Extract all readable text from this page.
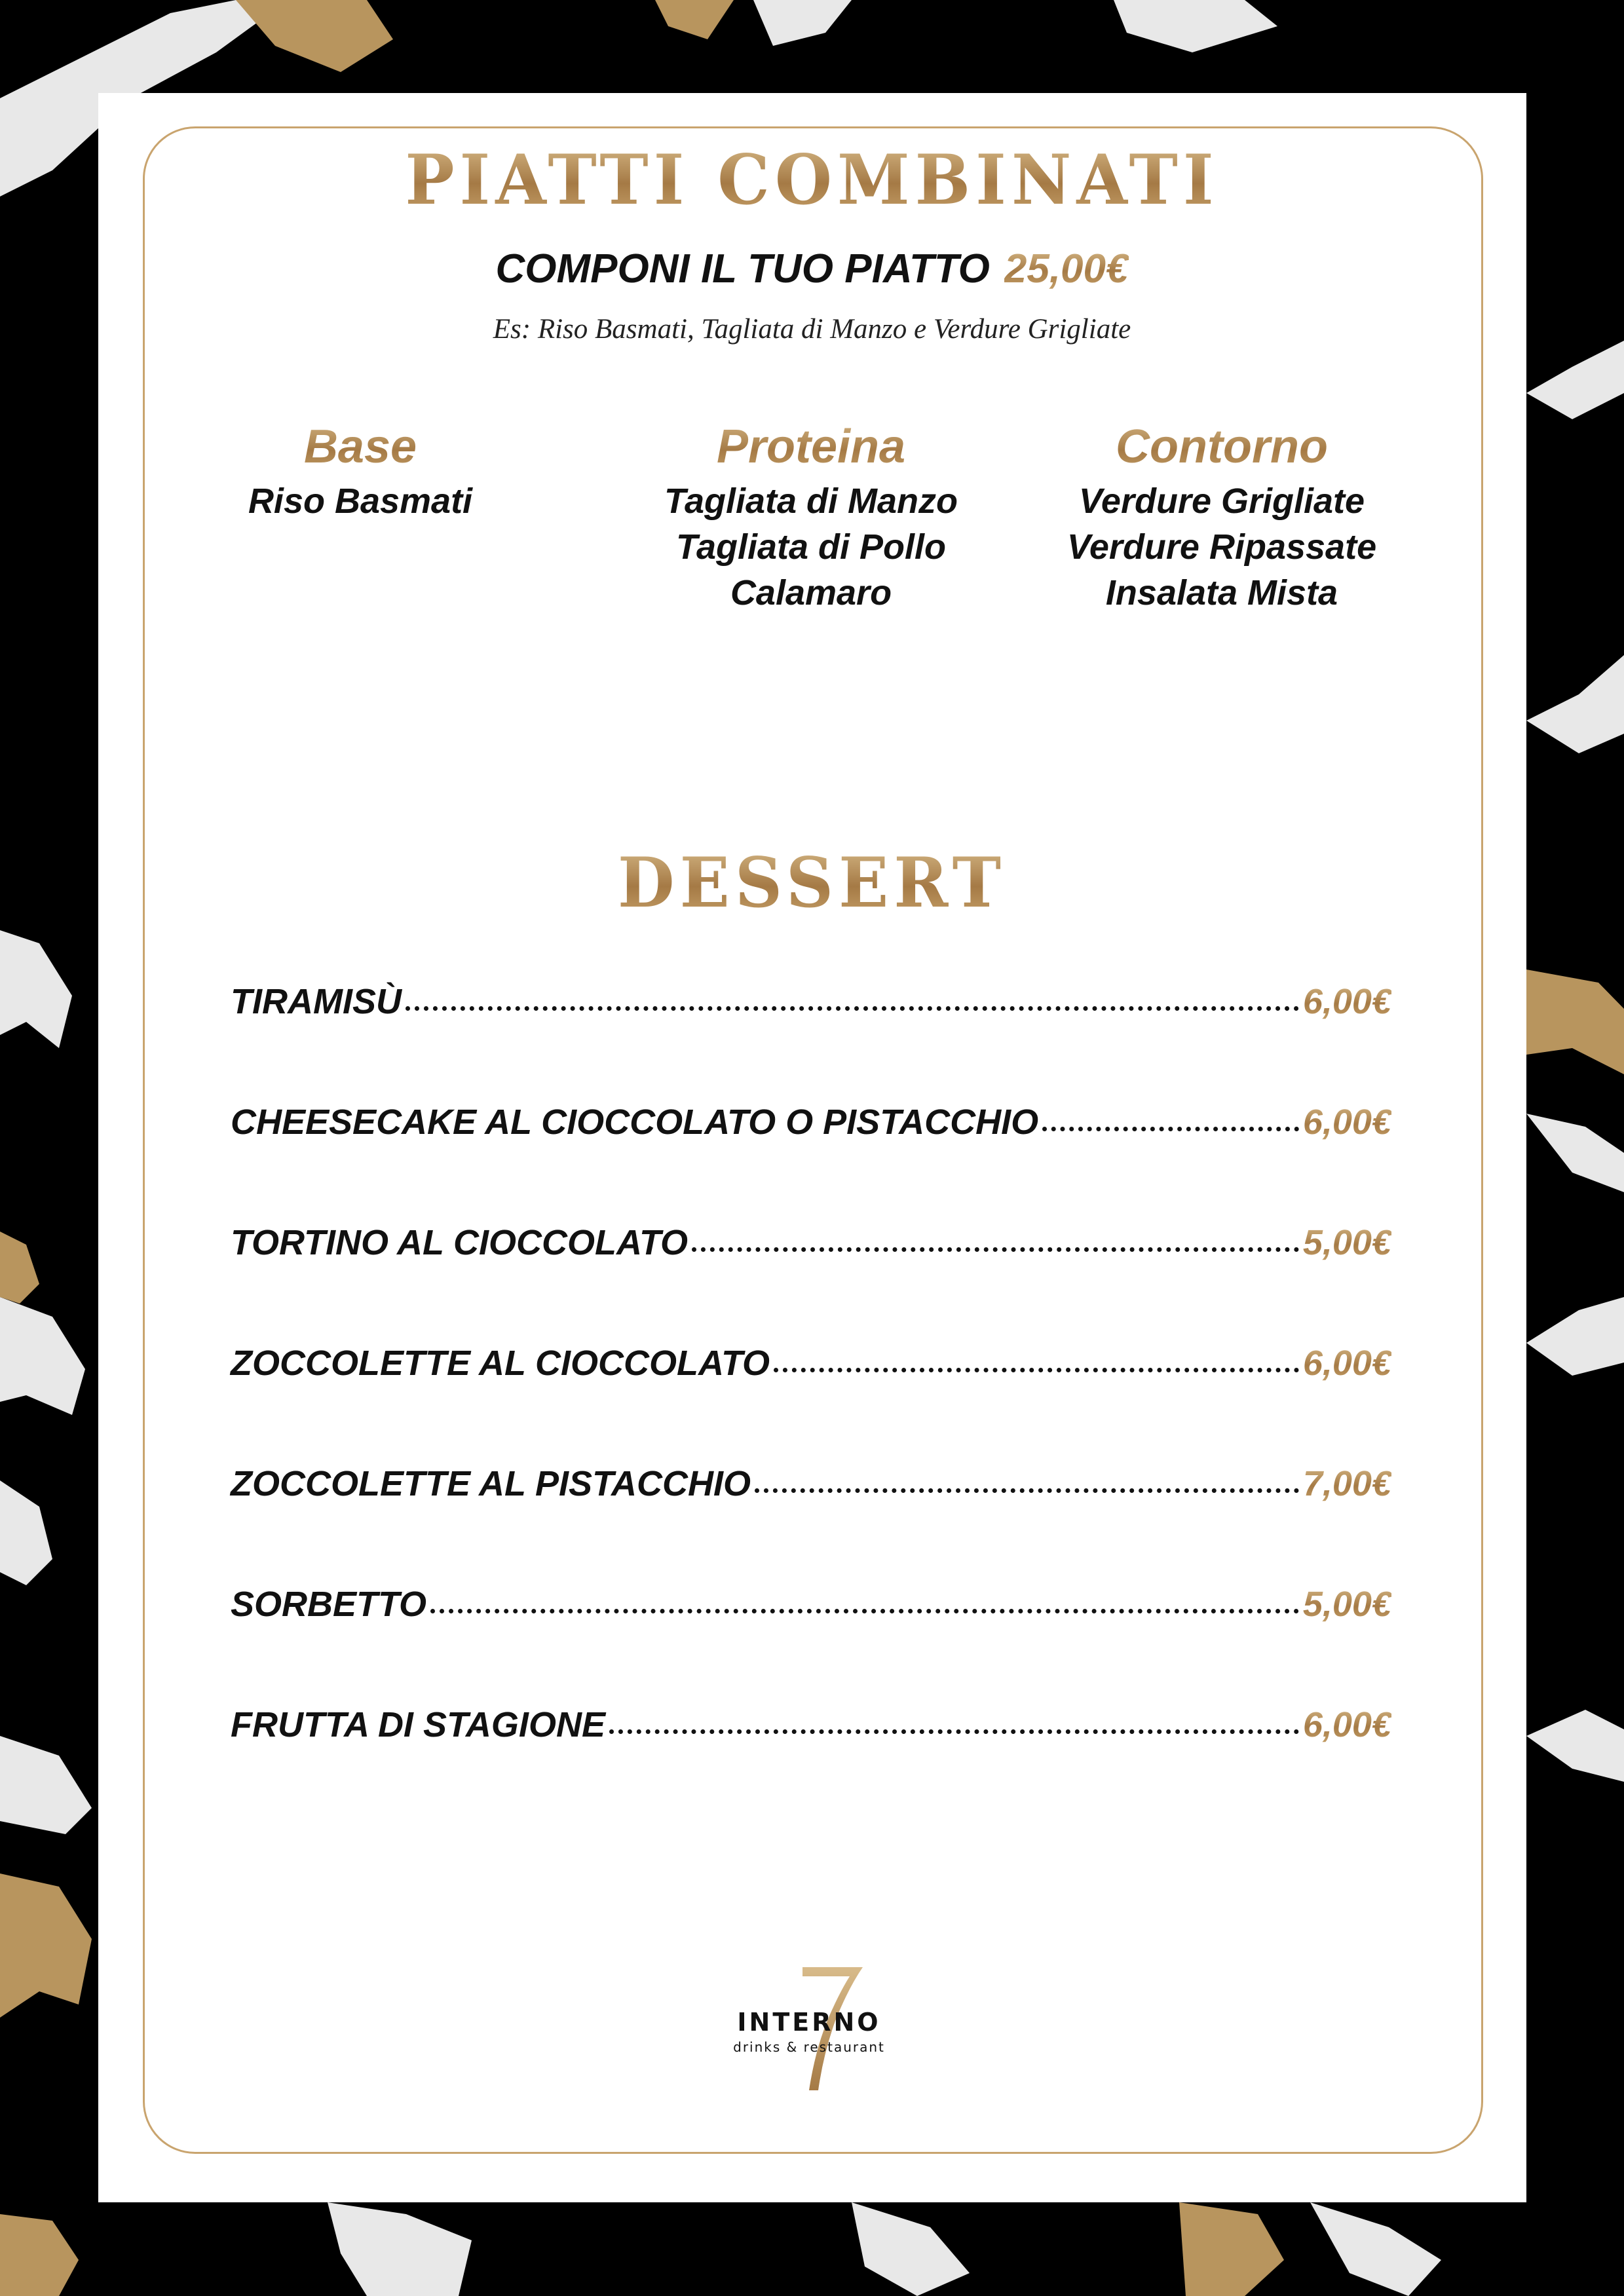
PIATTI COMBINATI
COMPONI IL TUO PIATTO 25,00€
Es: Riso Basmati, Tagliata di Manzo e Verdure Grigliate
Base
Riso Basmati
Proteina
Tagliata di Manzo
Tagliata di Pollo
Calamaro
Contorno
Verdure Grigliate
Verdure Ripassate
Insalata Mista
DESSERT
TIRAMISÙ	6,00€
CHEESECAKE AL CIOCCOLATO O PISTACCHIO	6,00€
TORTINO AL CIOCCOLATO	5,00€
ZOCCOLETTE AL CIOCCOLATO	6,00€
ZOCCOLETTE AL PISTACCHIO	7,00€
SORBETTO	5,00€
FRUTTA DI STAGIONE	6,00€
INTERNO
drinks & restaurant
